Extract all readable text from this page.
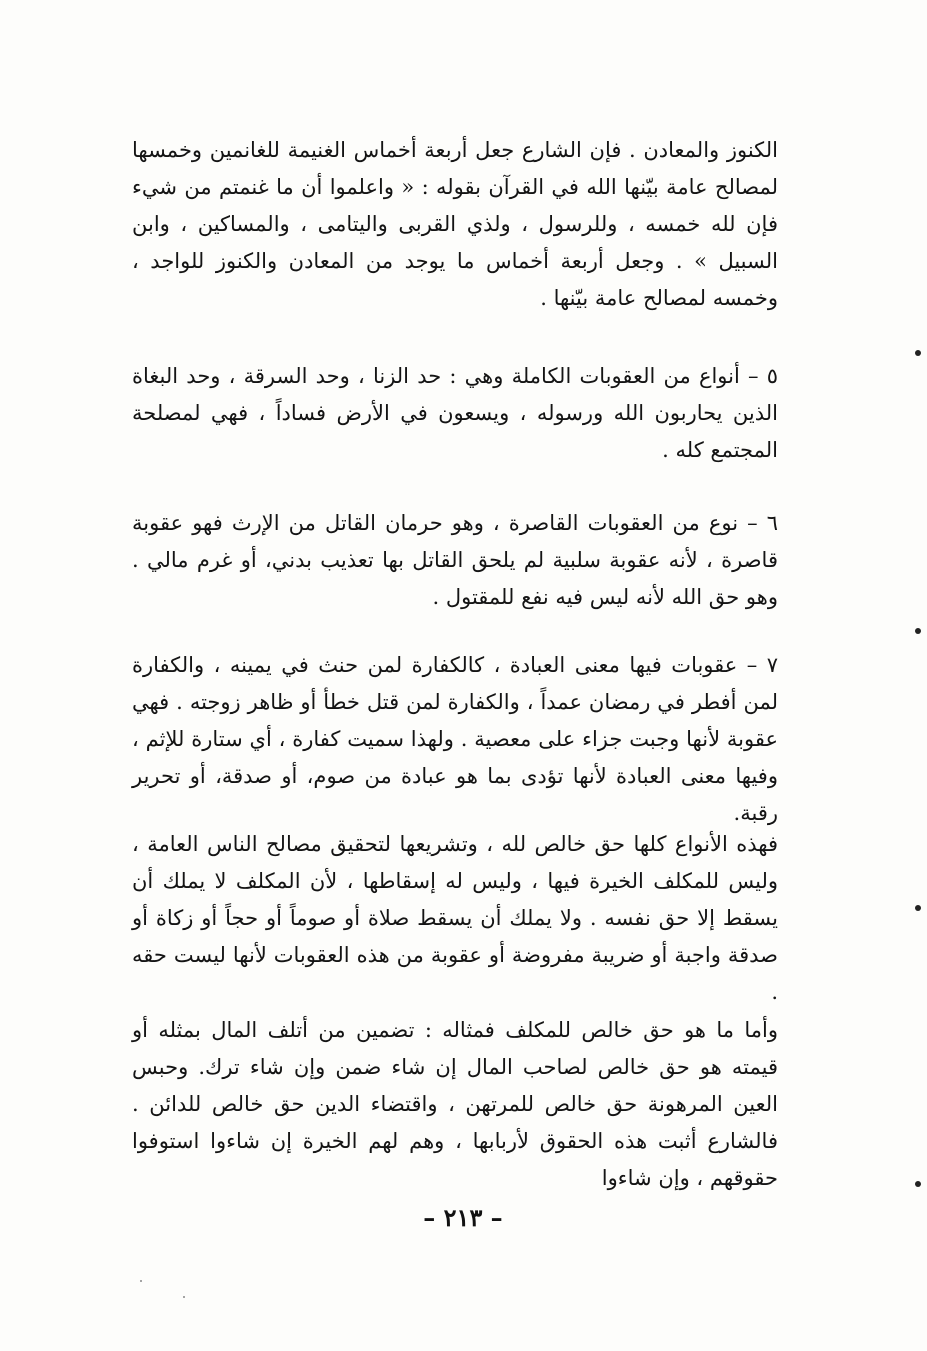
الكنوز والمعادن . فإن الشارع جعل أربعة أخماس الغنيمة للغانمين وخمسها لمصالح عامة بيّنها الله في القرآن بقوله : « واعلموا أن ما غنمتم من شيء فإن لله خمسه ، وللرسول ، ولذي القربى واليتامى ، والمساكين ، وابن السبيل » . وجعل أربعة أخماس ما يوجد من المعادن والكنوز للواجد ، وخمسه لمصالح عامة بيّنها .

٥ – أنواع من العقوبات الكاملة وهي : حد الزنا ، وحد السرقة ، وحد البغاة الذين يحاربون الله ورسوله ، ويسعون في الأرض فساداً ، فهي لمصلحة المجتمع كله .

٦ – نوع من العقوبات القاصرة ، وهو حرمان القاتل من الإرث فهو عقوبة قاصرة ، لأنه عقوبة سلبية لم يلحق القاتل بها تعذيب بدني، أو غرم مالي . وهو حق الله لأنه ليس فيه نفع للمقتول .

٧ – عقوبات فيها معنى العبادة ، كالكفارة لمن حنث في يمينه ، والكفارة لمن أفطر في رمضان عمداً ، والكفارة لمن قتل خطأ أو ظاهر زوجته . فهي عقوبة لأنها وجبت جزاء على معصية . ولهذا سميت كفارة ، أي ستارة للإثم ، وفيها معنى العبادة لأنها تؤدى بما هو عبادة من صوم، أو صدقة، أو تحرير رقبة.

فهذه الأنواع كلها حق خالص لله ، وتشريعها لتحقيق مصالح الناس العامة ، وليس للمكلف الخيرة فيها ، وليس له إسقاطها ، لأن المكلف لا يملك أن يسقط إلا حق نفسه . ولا يملك أن يسقط صلاة أو صوماً أو حجاً أو زكاة أو صدقة واجبة أو ضريبة مفروضة أو عقوبة من هذه العقوبات لأنها ليست حقه .

وأما ما هو حق خالص للمكلف فمثاله : تضمين من أتلف المال بمثله أو قيمته هو حق خالص لصاحب المال إن شاء ضمن وإن شاء ترك. وحبس العين المرهونة حق خالص للمرتهن ، واقتضاء الدين حق خالص للدائن . فالشارع أثبت هذه الحقوق لأربابها ، وهم لهم الخيرة إن شاءوا استوفوا حقوقهم ، وإن شاءوا

– ٢١٣ –
